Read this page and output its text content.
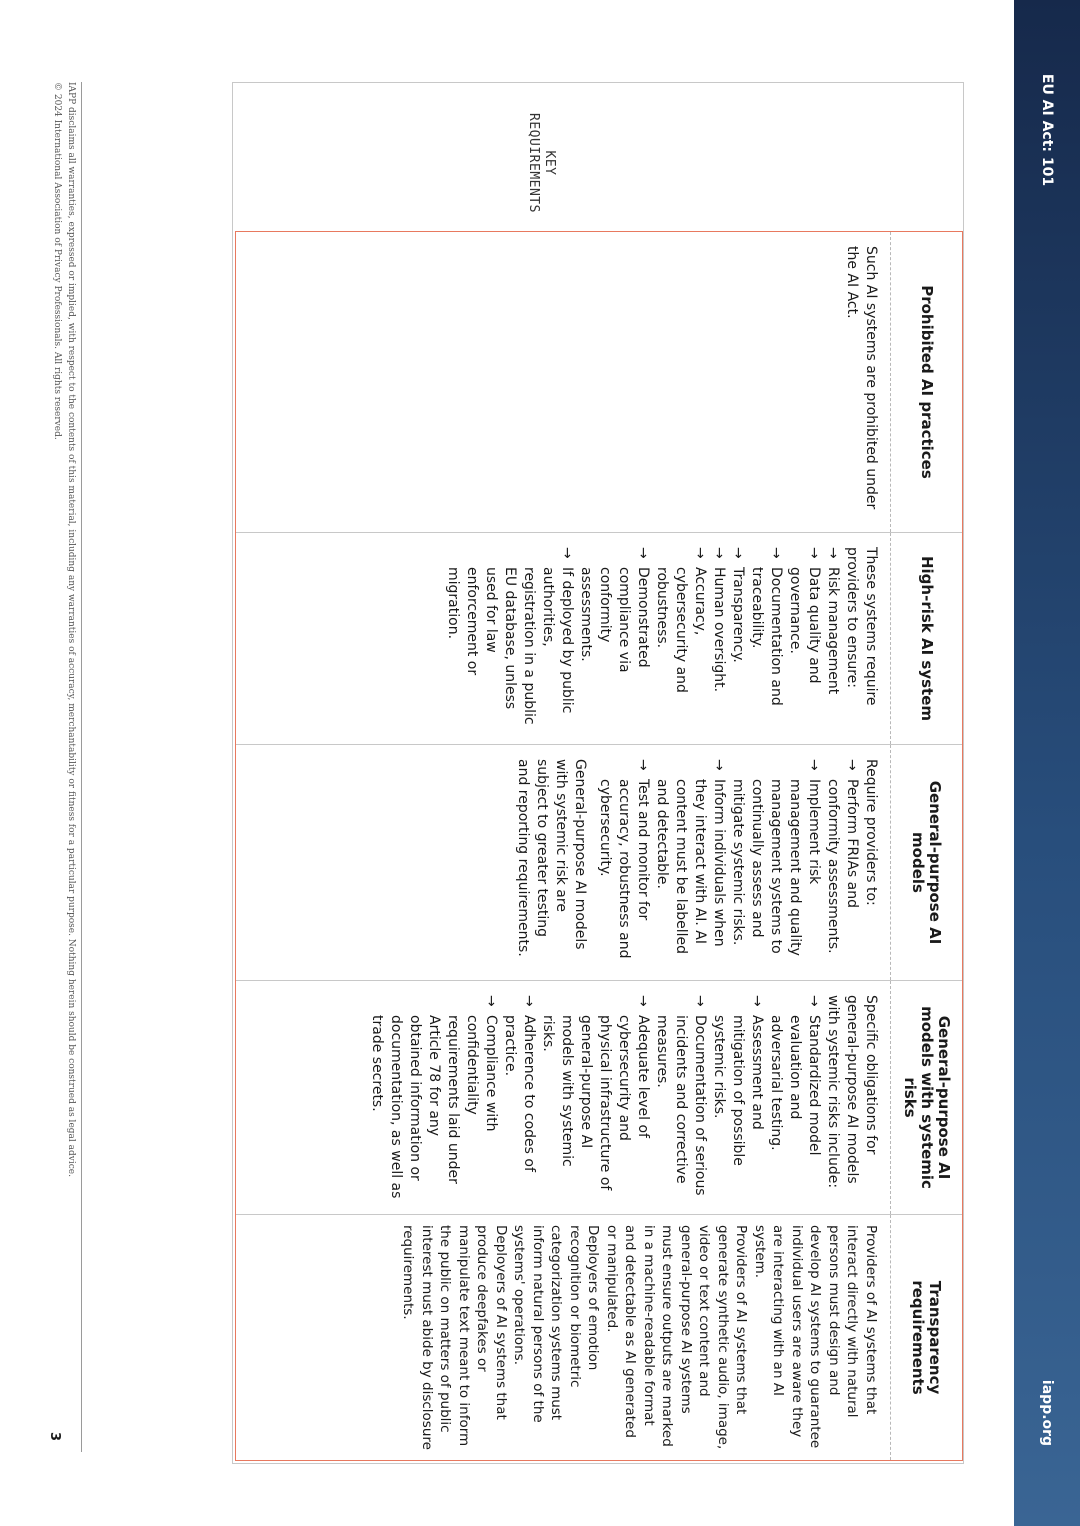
EU AI Act: 101
iapp.org
KEY REQUIREMENTS
Prohibited AI practices

Such AI systems are prohibited under the AI Act.

High-risk AI system

These systems require providers to ensure:

→ Risk management
→ Data quality and governance.
→ Documentation and traceability.
→ Transparency.
→ Human oversight.
→ Accuracy, cybersecurity and robustness.
→ Demonstrated compliance via conformity assessments.
→ If deployed by public authorities, registration in a public EU database, unless used for law enforcement or migration.
General-purpose AI models

Require providers to:

→ Perform FRIAs and conformity assessments.
→ Implement risk management and quality management systems to continually assess and mitigate systemic risks.
→ Inform individuals when they interact with AI. AI content must be labelled and detectable.
→ Test and monitor for accuracy, robustness and cybersecurity.

General-purpose AI models with systemic risk are subject to greater testing and reporting requirements.

General-purpose AI models with systemic risks

Specific obligations for general-purpose AI models with systemic risks include:

→ Standardized model evaluation and adversarial testing.
→ Assessment and mitigation of possible systemic risks.
→ Documentation of serious incidents and corrective measures.
→ Adequate level of cybersecurity and physical infrastructure of general-purpose AI models with systemic risks.
→ Adherence to codes of practice.
→ Compliance with confidentiality requirements laid under Article 78 for any obtained information or documentation, as well as trade secrets.
Transparency requirements

Providers of AI systems that interact directly with natural persons must design and develop AI systems to guarantee individual users are aware they are interacting with an AI system.

Providers of AI systems that generate synthetic audio, image, video or text content and general-purpose AI systems must ensure outputs are marked in a machine-readable format and detectable as AI generated or manipulated.

Deployers of emotion recognition or biometric categorization systems must inform natural persons of the systems' operations.

Deployers of AI systems that produce deepfakes or manipulate text meant to inform the public on matters of public interest must abide by disclosure requirements.

IAPP disclaims all warranties, expressed or implied, with respect to the contents of this material, including any warranties of accuracy, merchantability or fitness for a particular purpose. Nothing herein should be construed as legal advice.
© 2024 International Association of Privacy Professionals. All rights reserved.
3
